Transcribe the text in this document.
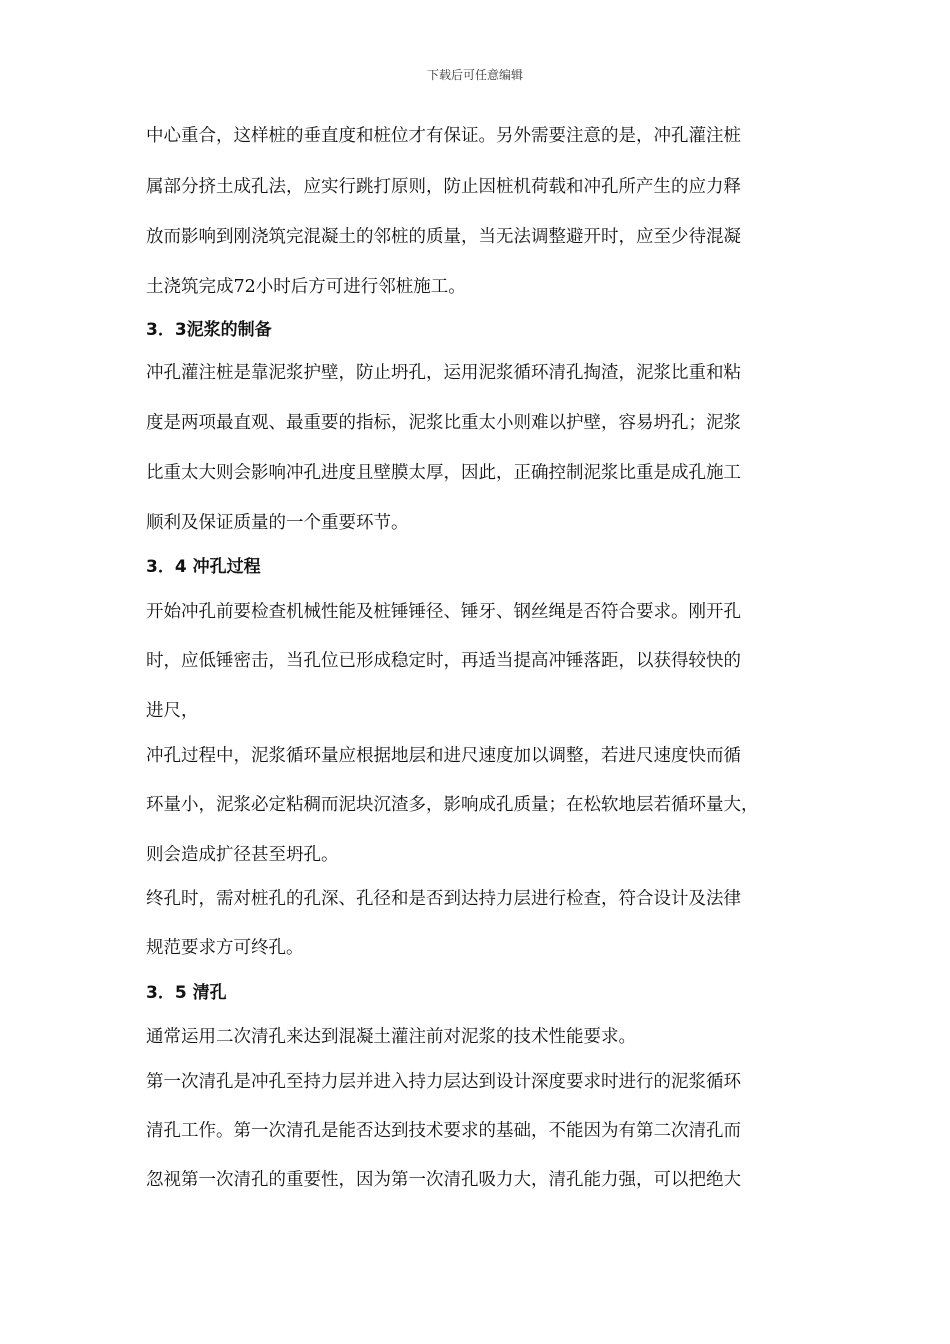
下载后可任意编辑
中心重合，这样桩的垂直度和桩位才有保证。另外需要注意的是，冲孔灌注桩
属部分挤土成孔法，应实行跳打原则，防止因桩机荷载和冲孔所产生的应力释
放而影响到刚浇筑完混凝土的邻桩的质量，当无法调整避开时，应至少待混凝
土浇筑完成72小时后方可进行邻桩施工。
3．3泥浆的制备
冲孔灌注桩是靠泥浆护壁，防止坍孔，运用泥浆循环清孔掏渣，泥浆比重和粘
度是两项最直观、最重要的指标，泥浆比重太小则难以护壁，容易坍孔；泥浆
比重太大则会影响冲孔进度且壁膜太厚，因此，正确控制泥浆比重是成孔施工
顺利及保证质量的一个重要环节。
3．4 冲孔过程
开始冲孔前要检查机械性能及桩锤锤径、锤牙、钢丝绳是否符合要求。刚开孔
时，应低锤密击，当孔位已形成稳定时，再适当提高冲锤落距，以获得较快的
进尺，
冲孔过程中，泥浆循环量应根据地层和进尺速度加以调整，若进尺速度快而循
环量小，泥浆必定粘稠而泥块沉渣多，影响成孔质量；在松软地层若循环量大，
则会造成扩径甚至坍孔。
终孔时，需对桩孔的孔深、孔径和是否到达持力层进行检查，符合设计及法律
规范要求方可终孔。
3．5 清孔
通常运用二次清孔来达到混凝土灌注前对泥浆的技术性能要求。
第一次清孔是冲孔至持力层并进入持力层达到设计深度要求时进行的泥浆循环
清孔工作。第一次清孔是能否达到技术要求的基础，不能因为有第二次清孔而
忽视第一次清孔的重要性，因为第一次清孔吸力大，清孔能力强，可以把绝大
